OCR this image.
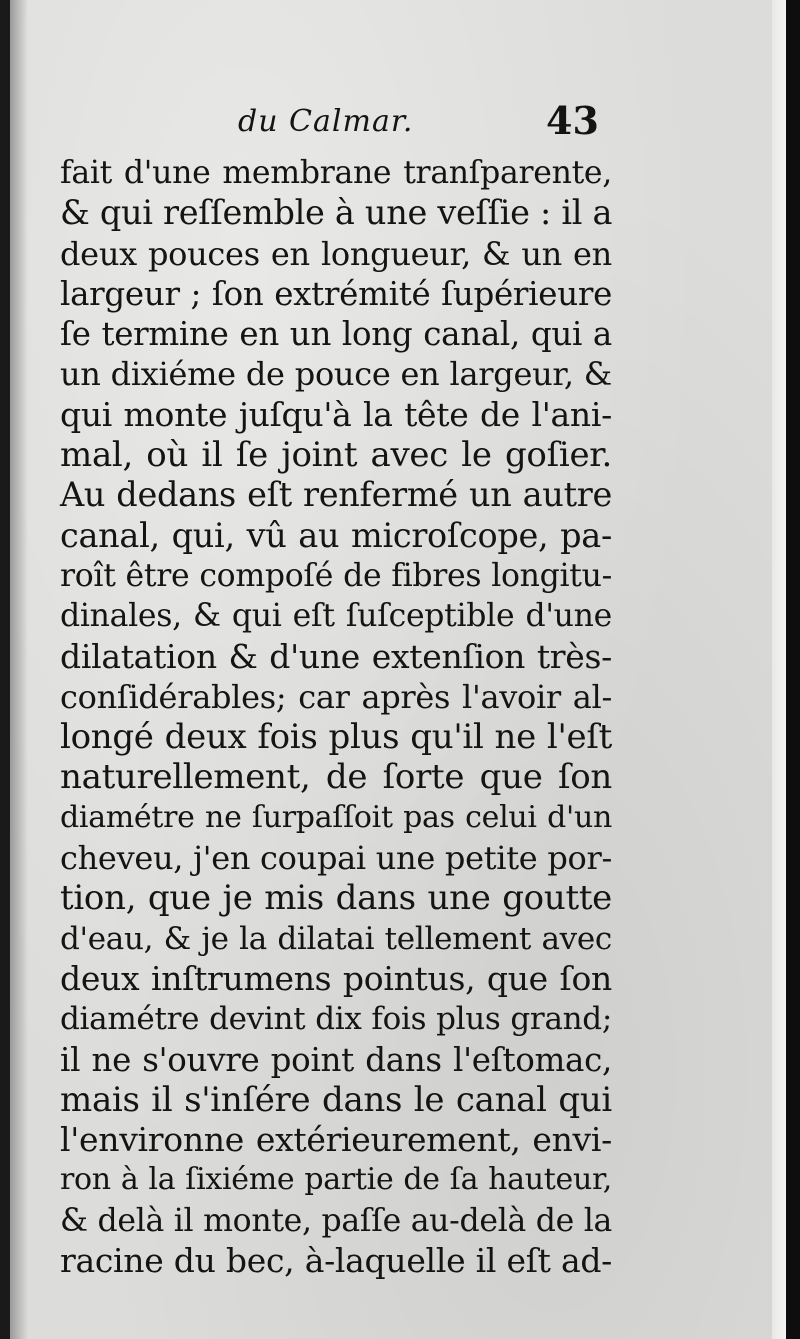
du Calmar.	43
fait d'une membrane tranſparente,
& qui reſſemble à une veſſie : il a
deux pouces en longueur, & un en
largeur ; ſon extrémité ſupérieure
ſe termine en un long canal, qui a
un dixiéme de pouce en largeur, &
qui monte juſqu'à la tête de l'ani-
mal, où il ſe joint avec le goſier.
Au dedans eſt renfermé un autre
canal, qui, vû au microſcope, pa-
roît être compoſé de fibres longitu-
dinales, & qui eſt ſuſceptible d'une
dilatation & d'une extenſion très-
conſidérables; car après l'avoir al-
longé deux fois plus qu'il ne l'eſt
naturellement, de ſorte que ſon
diamétre ne ſurpaſſoit pas celui d'un
cheveu, j'en coupai une petite por-
tion, que je mis dans une goutte
d'eau, & je la dilatai tellement avec
deux inſtrumens pointus, que ſon
diamétre devint dix fois plus grand;
il ne s'ouvre point dans l'eſtomac,
mais il s'inſére dans le canal qui
l'environne extérieurement, envi-
ron à la ſixiéme partie de ſa hauteur,
& delà il monte, paſſe au-delà de la
racine du bec, à-laquelle il eſt ad-
